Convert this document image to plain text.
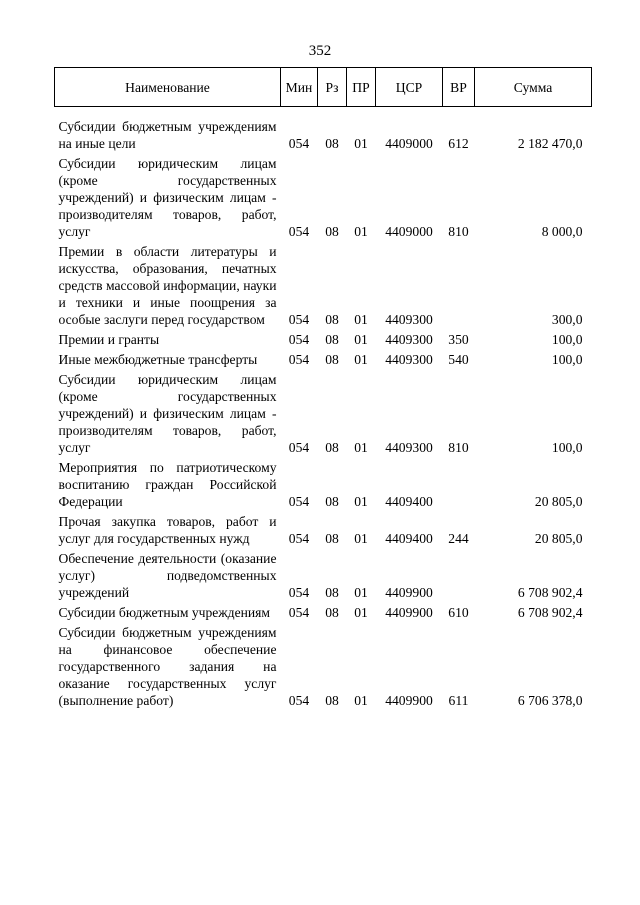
352
Наименование	Мин	Рз	ПР	ЦСР	ВР	Сумма

Субсидии бюджетным учреждениям на иные цели	054	08	01	4409000	612	2 182 470,0
Субсидии юридическим лицам (кроме государственных учреждений) и физическим лицам - производителям товаров, работ, услуг	054	08	01	4409000	810	8 000,0
Премии в области литературы и искусства, образования, печатных средств массовой информации, науки и техники и иные поощрения за особые заслуги перед государством	054	08	01	4409300		300,0
Премии и гранты	054	08	01	4409300	350	100,0
Иные межбюджетные трансферты	054	08	01	4409300	540	100,0
Субсидии юридическим лицам (кроме государственных учреждений) и физическим лицам - производителям товаров, работ, услуг	054	08	01	4409300	810	100,0
Мероприятия по патриотическому воспитанию граждан Российской Федерации	054	08	01	4409400		20 805,0
Прочая закупка товаров, работ и услуг для государственных нужд	054	08	01	4409400	244	20 805,0
Обеспечение деятельности (оказание услуг) подведомственных учреждений	054	08	01	4409900		6 708 902,4
Субсидии бюджетным учреждениям	054	08	01	4409900	610	6 708 902,4
Субсидии бюджетным учреждениям на финансовое обеспечение государственного задания на оказание государственных услуг (выполнение работ)	054	08	01	4409900	611	6 706 378,0
